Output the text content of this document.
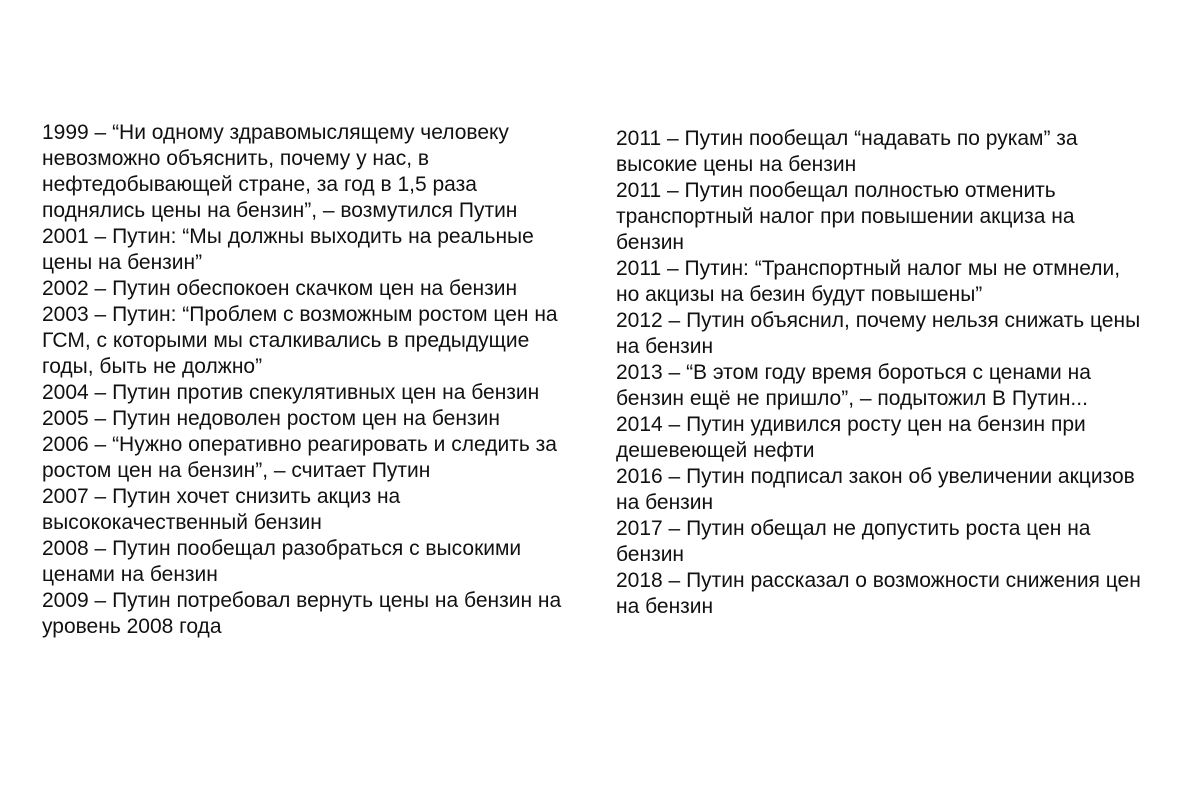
1999 – “Ни одному здравомыслящему человеку
невозможно объяснить, почему у нас, в
нефтедобывающей стране, за год в 1,5 раза
поднялись цены на бензин”, – возмутился Путин
2001 – Путин: “Мы должны выходить на реальные
цены на бензин”
2002 – Путин обеспокоен скачком цен на бензин
2003 – Путин: “Проблем с возможным ростом цен на
ГСМ, с которыми мы сталкивались в предыдущие
годы, быть не должно”
2004 – Путин против спекулятивных цен на бензин
2005 – Путин недоволен ростом цен на бензин
2006 – “Нужно оперативно реагировать и следить за
ростом цен на бензин”, – считает Путин
2007 – Путин хочет снизить акциз на
высококачественный бензин
2008 – Путин пообещал разобраться с высокими
ценами на бензин
2009 – Путин потребовал вернуть цены на бензин на
уровень 2008 года
2011 – Путин пообещал “надавать по рукам” за
высокие цены на бензин
2011 – Путин пообещал полностью отменить
транспортный налог при повышении акциза на
бензин
2011 – Путин: “Транспортный налог мы не отмнели,
но акцизы на безин будут повышены”
2012 – Путин объяснил, почему нельзя снижать цены
на бензин
2013 – “В этом году время бороться с ценами на
бензин ещё не пришло”, – подытожил В Путин...
2014 – Путин удивился росту цен на бензин при
дешевеющей нефти
2016 – Путин подписал закон об увеличении акцизов
на бензин
2017 – Путин обещал не допустить роста цен на
бензин
2018 – Путин рассказал о возможности снижения цен
на бензин
